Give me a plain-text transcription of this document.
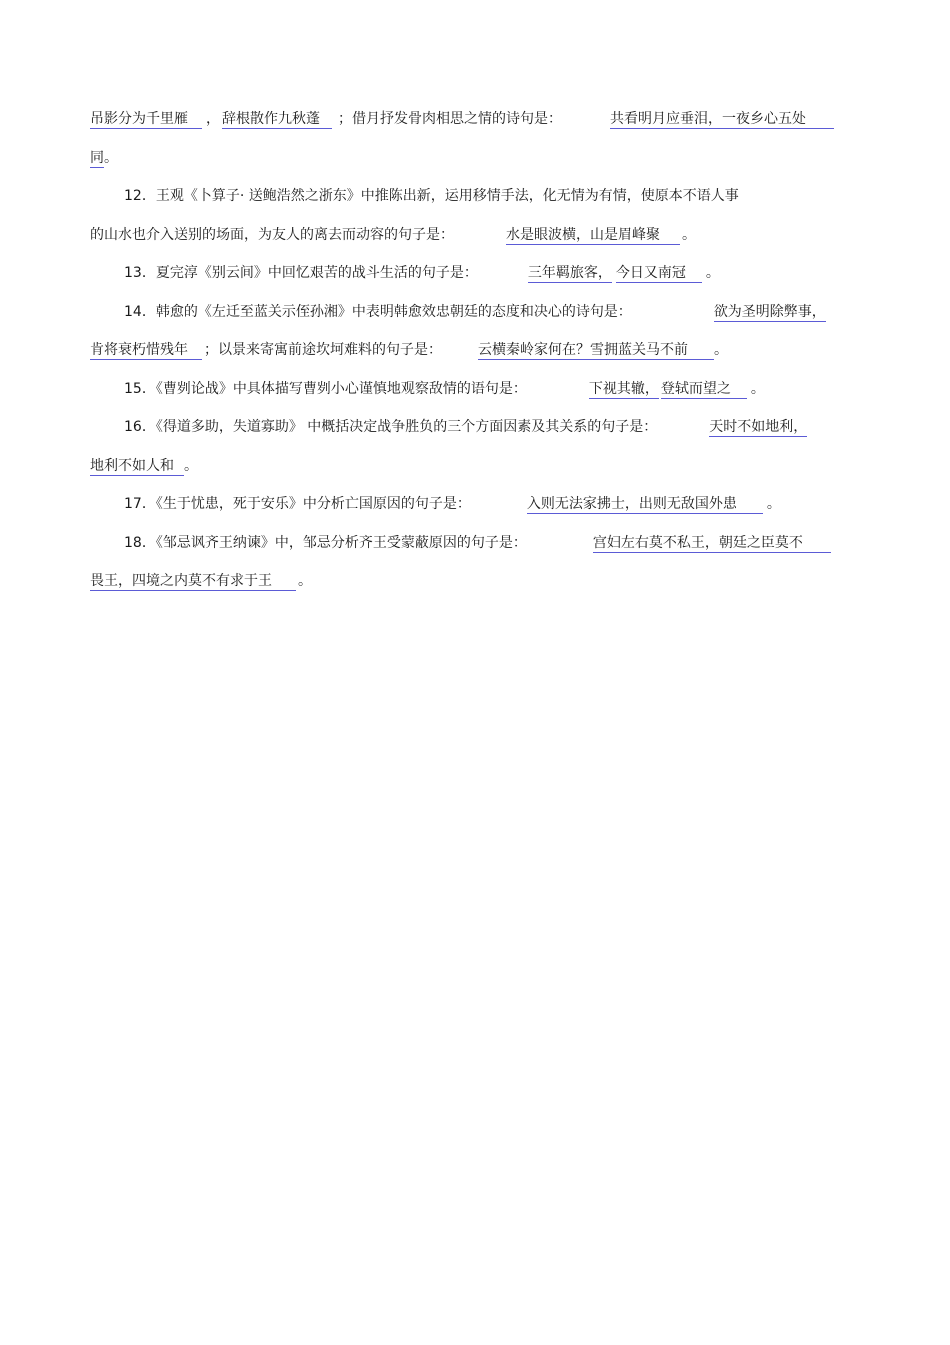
吊影分为千里雁 ， 辞根散作九秋蓬 ；借月抒发骨肉相思之情的诗句是：	共看明月应垂泪，一夜乡心五处
同。
12．王观《卜算子· 送鲍浩然之浙东》中推陈出新，运用移情手法，化无情为有情，使原本不语人事
的山水也介入送别的场面，为友人的离去而动容的句子是：	水是眼波横，山是眉峰聚 。
13．夏完淳《别云间》中回忆艰苦的战斗生活的句子是：	三年羁旅客， 今日又南冠 。
14．韩愈的《左迁至蓝关示侄孙湘》中表明韩愈效忠朝廷的态度和决心的诗句是：	欲为圣明除弊事，
肯将衰朽惜残年 ；以景来寄寓前途坎坷难料的句子是：	云横秦岭家何在？雪拥蓝关马不前 。
15．《曹刿论战》中具体描写曹刿小心谨慎地观察敌情的语句是：	下视其辙， 登轼而望之 。
16．《得道多助，失道寡助》 中概括决定战争胜负的三个方面因素及其关系的句子是：	天时不如地利，
地利不如人和 。
17．《生于忧患，死于安乐》中分析亡国原因的句子是：	入则无法家拂士，出则无敌国外患 。
18．《邹忌讽齐王纳谏》中，邹忌分析齐王受蒙蔽原因的句子是：	宫妇左右莫不私王，朝廷之臣莫不
畏王，四境之内莫不有求于王 。
